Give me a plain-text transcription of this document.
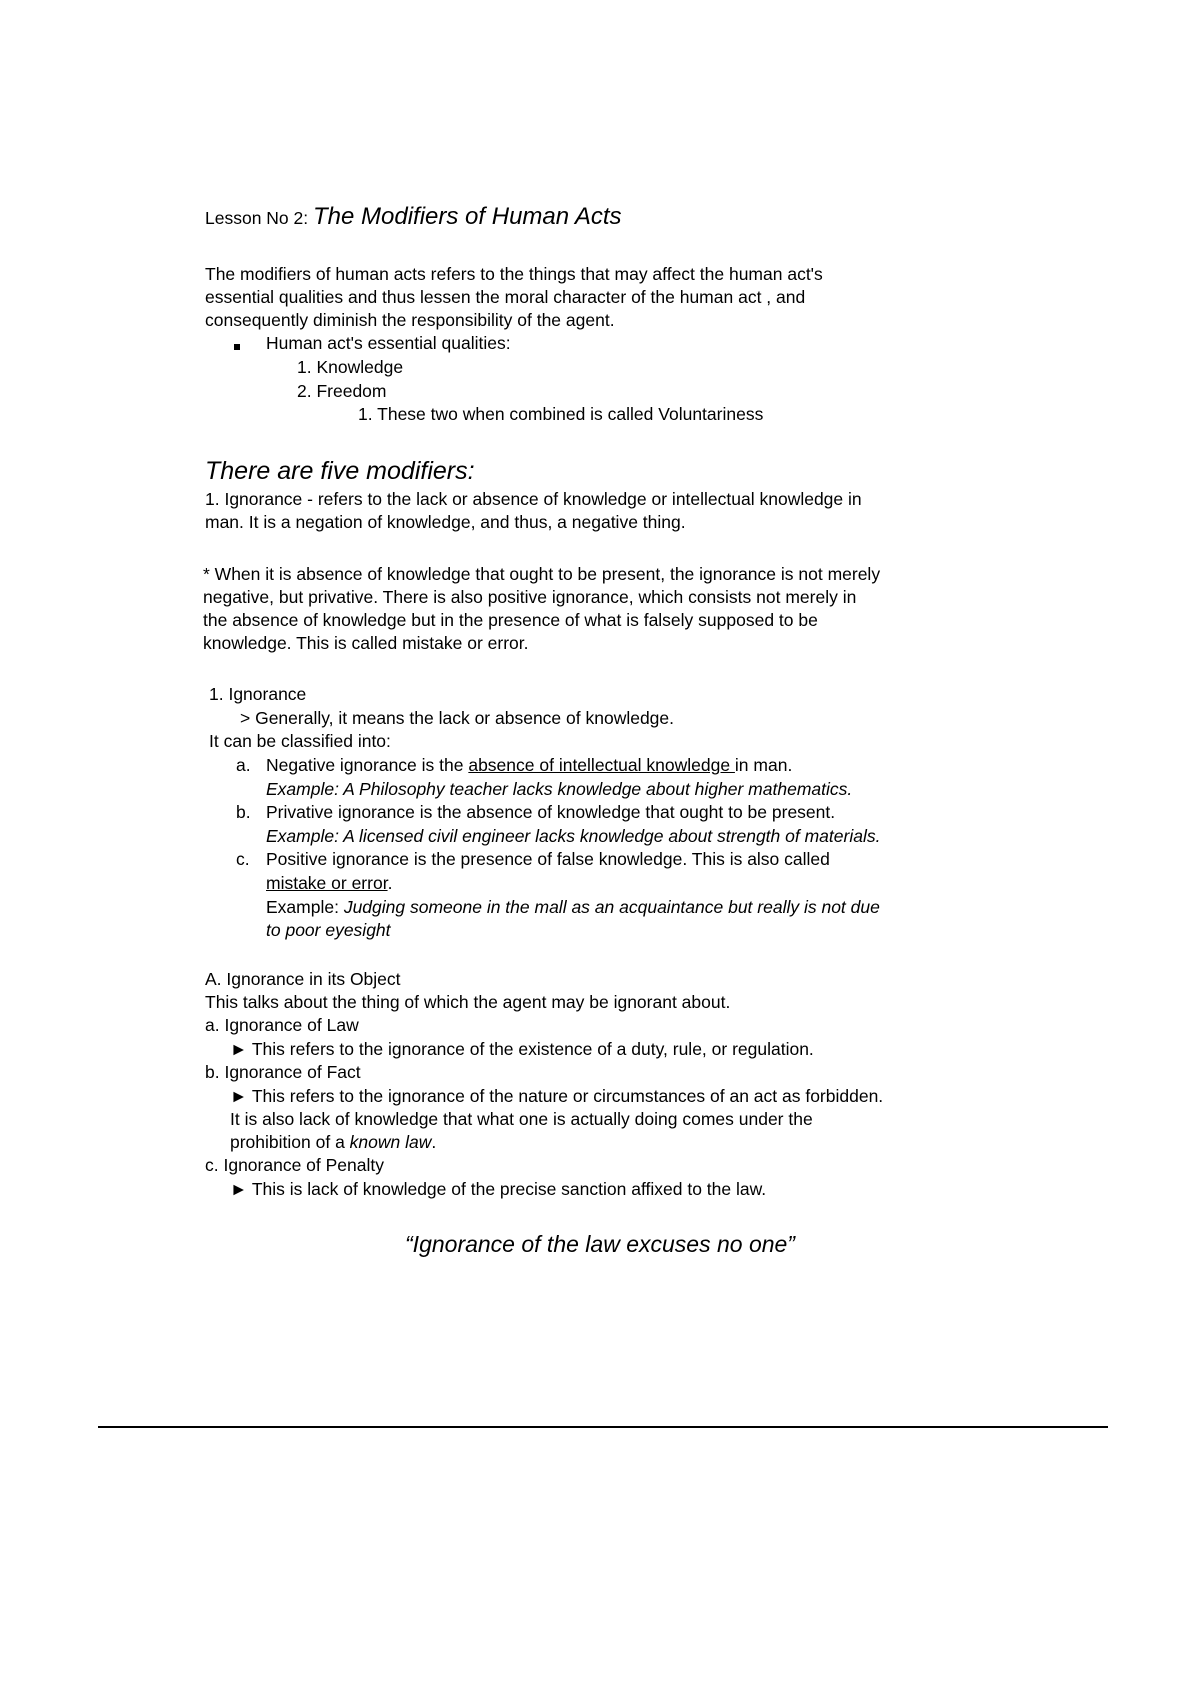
Lesson No 2: The Modifiers of Human Acts

The modifiers of human acts refers to the things that may affect the human act's

essential qualities and thus lessen the moral character of the human act , and

consequently diminish the responsibility of the agent.

Human act's essential qualities:
1. Knowledge
2. Freedom
1. These two when combined is called Voluntariness
There are five modifiers:

1. Ignorance - refers to the lack or absence of knowledge or intellectual knowledge in

man. It is a negation of knowledge, and thus, a negative thing.

* When it is absence of knowledge that ought to be present, the ignorance is not merely

negative, but privative. There is also positive ignorance, which consists not merely in

the absence of knowledge but in the presence of what is falsely supposed to be

knowledge. This is called mistake or error.

1. Ignorance
> Generally, it means the lack or absence of knowledge.
It can be classified into:
a. Negative ignorance is the absence of intellectual knowledge in man.
Example: A Philosophy teacher lacks knowledge about higher mathematics.
b. Privative ignorance is the absence of knowledge that ought to be present.
Example: A licensed civil engineer lacks knowledge about strength of materials.
c. Positive ignorance is the presence of false knowledge. This is also called
mistake or error.
Example: Judging someone in the mall as an acquaintance but really is not due
to poor eyesight
A. Ignorance in its Object
This talks about the thing of which the agent may be ignorant about.
a. Ignorance of Law
► This refers to the ignorance of the existence of a duty, rule, or regulation.
b. Ignorance of Fact
► This refers to the ignorance of the nature or circumstances of an act as forbidden.
It is also lack of knowledge that what one is actually doing comes under the
prohibition of a known law.
c. Ignorance of Penalty
► This is lack of knowledge of the precise sanction affixed to the law.
“Ignorance of the law excuses no one”
